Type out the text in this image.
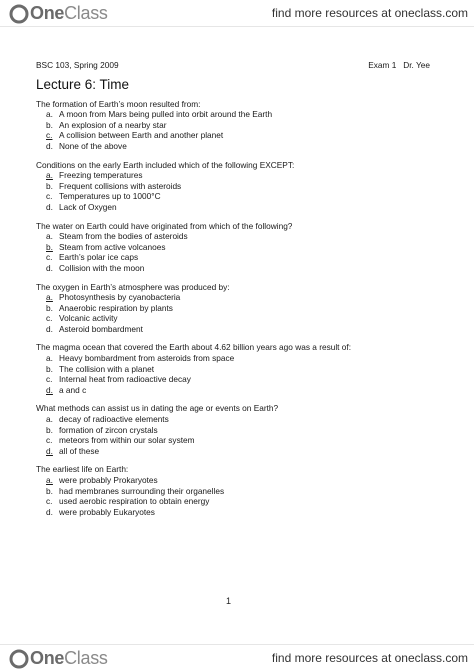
One Class	find more resources at oneclass.com
BSC 103, Spring 2009	Exam 1   Dr. Yee
Lecture 6: Time
The formation of Earth’s moon resulted from:
a. A moon from Mars being pulled into orbit around the Earth
b. An explosion of a nearby star
c. A collision between Earth and another planet
d. None of the above
Conditions on the early Earth included which of the following EXCEPT:
a. Freezing temperatures
b. Frequent collisions with asteroids
c. Temperatures up to 1000°C
d. Lack of Oxygen
The water on Earth could have originated from which of the following?
a. Steam from the bodies of asteroids
b. Steam from active volcanoes
c. Earth’s polar ice caps
d. Collision with the moon
The oxygen in Earth’s atmosphere was produced by:
a. Photosynthesis by cyanobacteria
b. Anaerobic respiration by plants
c. Volcanic activity
d. Asteroid bombardment
The magma ocean that covered the Earth about 4.62 billion years ago was a result of:
a. Heavy bombardment from asteroids from space
b. The collision with a planet
c. Internal heat from radioactive decay
d. a and c
What methods can assist us in dating the age or events on Earth?
a. decay of radioactive elements
b. formation of zircon crystals
c. meteors from within our solar system
d. all of these
The earliest life on Earth:
a. were probably Prokaryotes
b. had membranes surrounding their organelles
c. used aerobic respiration to obtain energy
d. were probably Eukaryotes
1
One Class	find more resources at oneclass.com
